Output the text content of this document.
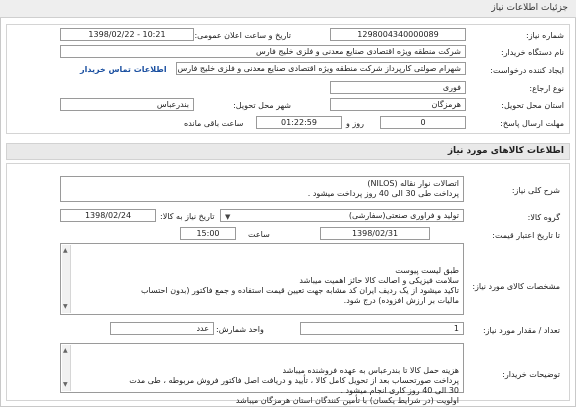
جزئیات اطلاعات نیاز
شماره نیاز:
1298004340000089
تاریخ و ساعت اعلان عمومی:
1398/02/22 - 10:21
نام دستگاه خریدار:
شرکت منطقه ویژه اقتصادی صنایع معدنی و فلزی خلیج فارس
ایجاد کننده درخواست:
شهرام صولتی کارپرداز شرکت منطقه ویژه اقتصادی صنایع معدنی و فلزی خلیج فارس
اطلاعات تماس خریدار
نوع ارجاع:
فوری
استان محل تحویل:
هرمزگان
شهر محل تحویل:
بندرعباس
مهلت ارسال پاسخ:
0
روز و
01:22:59
ساعت باقی مانده
اطلاعات کالاهای مورد نیاز
شرح کلی نیاز:
اتصالات نوار نقاله (NILOS)
پرداخت طی 30 الی 40 روز پرداخت میشود .
گروه کالا:
تولید و فراوری صنعتی(سفارشی)
▼
تاریخ نیاز به کالا:
1398/02/24
تا تاریخ اعتبار قیمت:
1398/02/31
ساعت
15:00
مشخصات کالای مورد نیاز:

▲

▼

طبق لیست پیوست
سلامت فیزیکی و اصالت کالا حائز اهمیت میباشد
تاکید میشود از یک ردیف ایران کد مشابه جهت تعیین قیمت استفاده و جمع فاکتور (بدون احتساب
مالیات بر ارزش افزوده) درج شود.

تعداد / مقدار مورد نیاز:
1
واحد شمارش:
عدد
توضیحات خریدار:

▲

▼

هزینه حمل کالا تا بندرعباس به عهده فروشنده میباشد
پرداخت صورتحساب بعد از تحویل کامل کالا ، تأیید و دریافت اصل فاکتور فروش مربوطه ، طی مدت
30 الی 40 روز کاری انجام میشود .
اولویت (در شرایط یکسان) با تأمین کنندگان استان هرمزگان میباشد
